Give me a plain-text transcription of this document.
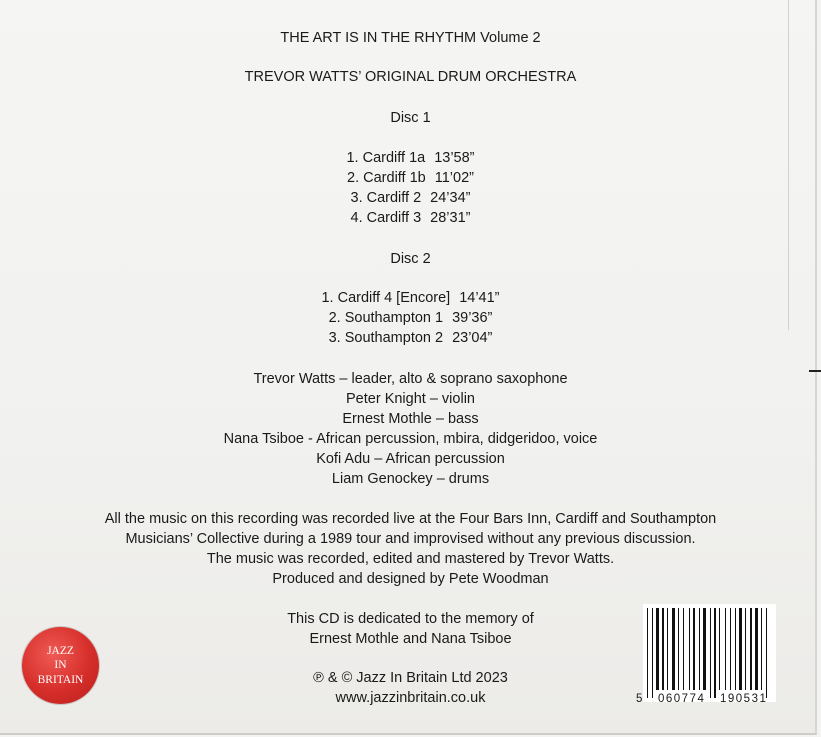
THE ART IS IN THE RHYTHM Volume 2
TREVOR WATTS’ ORIGINAL DRUM ORCHESTRA
Disc 1
1. Cardiff 1a 13’58”
2. Cardiff 1b 11’02”
3. Cardiff 2 24’34”
4. Cardiff 3 28’31”
Disc 2
1. Cardiff 4 [Encore] 14’41”
2. Southampton 1 39’36”
3. Southampton 2 23’04”
Trevor Watts – leader, alto & soprano saxophone
Peter Knight – violin
Ernest Mothle – bass
Nana Tsiboe - African percussion, mbira, didgeridoo, voice
Kofi Adu – African percussion
Liam Genockey – drums
All the music on this recording was recorded live at the Four Bars Inn, Cardiff and Southampton
Musicians’ Collective during a 1989 tour and improvised without any previous discussion.
The music was recorded, edited and mastered by Trevor Watts.
Produced and designed by Pete Woodman
This CD is dedicated to the memory of
Ernest Mothle and Nana Tsiboe
℗ & © Jazz In Britain Ltd 2023
www.jazzinbritain.co.uk
JAZZ
IN
BRITAIN
5 060774 190531
